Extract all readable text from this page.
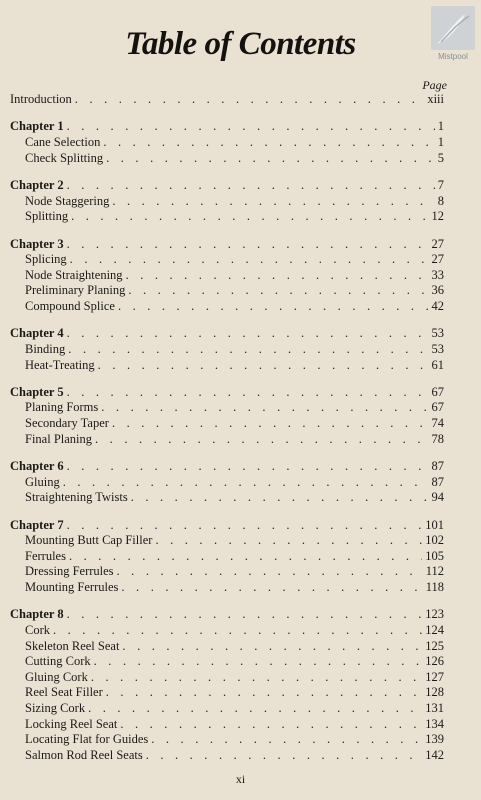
Mistpool
Table of Contents
Page
Introduction . . .	xiii
Chapter 1 . . .	1
Cane Selection . . .	1
Check Splitting . . .	5
Chapter 2 . . .	7
Node Staggering . . .	8
Splitting . . .	12
Chapter 3 . . .	27
Splicing . . .	27
Node Straightening . . .	33
Preliminary Planing . . .	36
Compound Splice . . .	42
Chapter 4 . . .	53
Binding . . .	53
Heat-Treating . . .	61
Chapter 5 . . .	67
Planing Forms . . .	67
Secondary Taper . . .	74
Final Planing . . .	78
Chapter 6 . . .	87
Gluing . . .	87
Straightening Twists . . .	94
Chapter 7 . . .	101
Mounting Butt Cap Filler . . .	102
Ferrules . . .	105
Dressing Ferrules . . .	112
Mounting Ferrules . . .	118
Chapter 8 . . .	123
Cork . . .	124
Skeleton Reel Seat . . .	125
Cutting Cork . . .	126
Gluing Cork . . .	127
Reel Seat Filler . . .	128
Sizing Cork . . .	131
Locking Reel Seat . . .	134
Locating Flat for Guides . . .	139
Salmon Rod Reel Seats . . .	142
xi
